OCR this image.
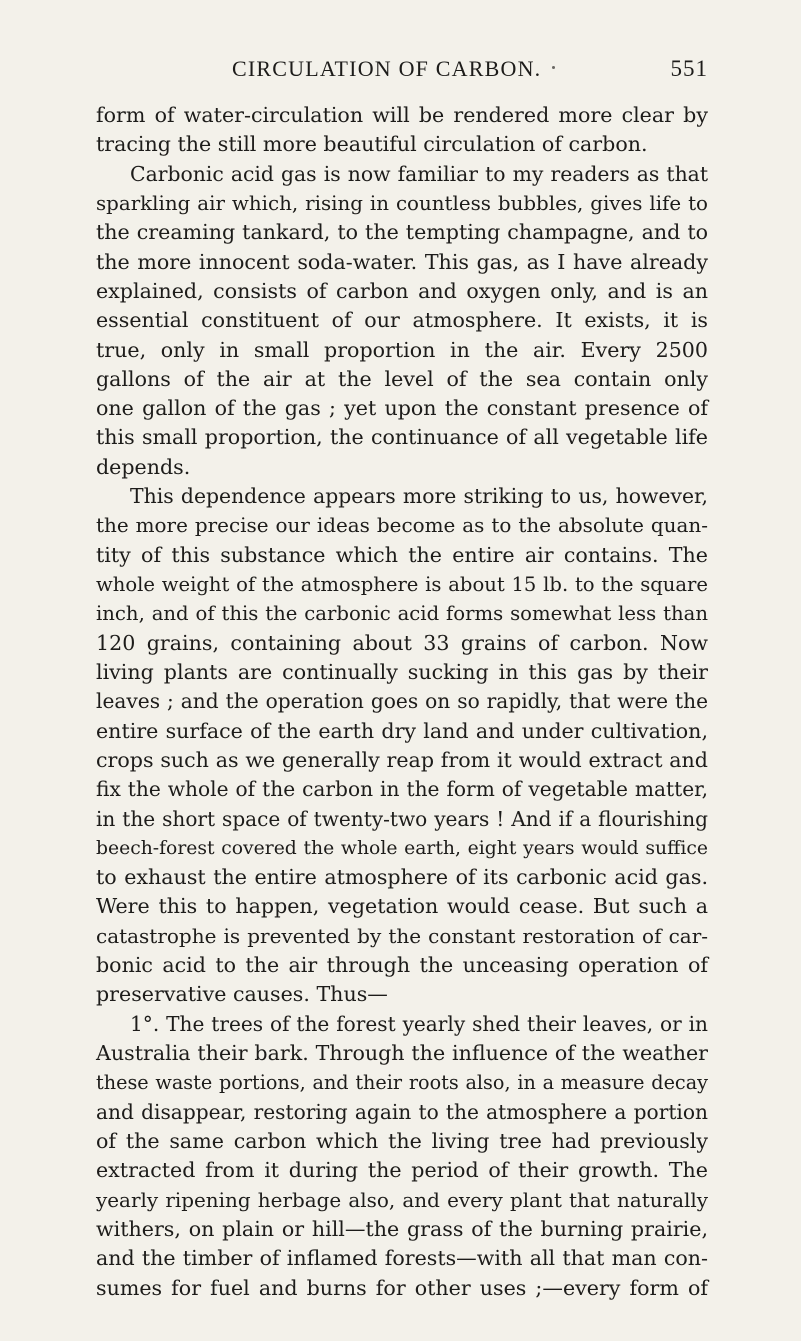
CIRCULATION OF CARBON.	551
form of water-circulation will be rendered more clear by
tracing the still more beautiful circulation of carbon.
Carbonic acid gas is now familiar to my readers as that
sparkling air which, rising in countless bubbles, gives life to
the creaming tankard, to the tempting champagne, and to
the more innocent soda-water. This gas, as I have already
explained, consists of carbon and oxygen only, and is an
essential constituent of our atmosphere. It exists, it is
true, only in small proportion in the air. Every 2500
gallons of the air at the level of the sea contain only
one gallon of the gas ; yet upon the constant presence of
this small proportion, the continuance of all vegetable life
depends.
This dependence appears more striking to us, however,
the more precise our ideas become as to the absolute quan-
tity of this substance which the entire air contains. The
whole weight of the atmosphere is about 15 lb. to the square
inch, and of this the carbonic acid forms somewhat less than
120 grains, containing about 33 grains of carbon. Now
living plants are continually sucking in this gas by their
leaves ; and the operation goes on so rapidly, that were the
entire surface of the earth dry land and under cultivation,
crops such as we generally reap from it would extract and
fix the whole of the carbon in the form of vegetable matter,
in the short space of twenty-two years ! And if a flourishing
beech-forest covered the whole earth, eight years would suffice
to exhaust the entire atmosphere of its carbonic acid gas.
Were this to happen, vegetation would cease. But such a
catastrophe is prevented by the constant restoration of car-
bonic acid to the air through the unceasing operation of
preservative causes. Thus—
1°. The trees of the forest yearly shed their leaves, or in
Australia their bark. Through the influence of the weather
these waste portions, and their roots also, in a measure decay
and disappear, restoring again to the atmosphere a portion
of the same carbon which the living tree had previously
extracted from it during the period of their growth. The
yearly ripening herbage also, and every plant that naturally
withers, on plain or hill—the grass of the burning prairie,
and the timber of inflamed forests—with all that man con-
sumes for fuel and burns for other uses ;—every form of
